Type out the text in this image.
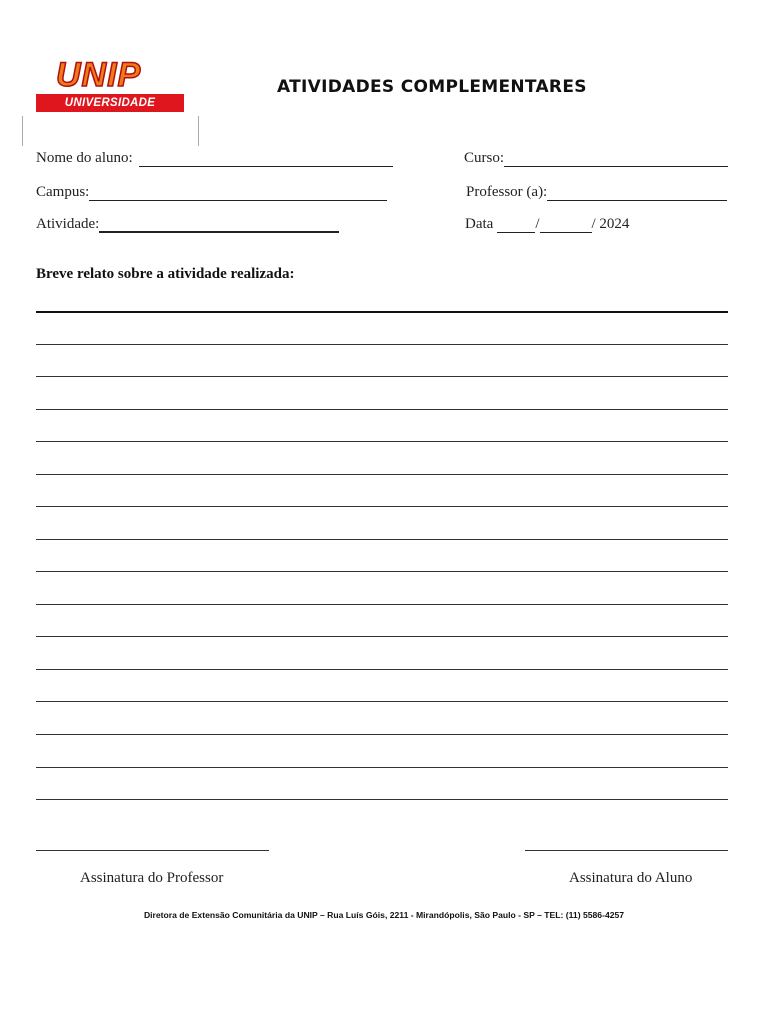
UNIP
UNIVERSIDADE PAULISTA
ATIVIDADES COMPLEMENTARES
Nome do aluno:	Curso:
Campus:	Professor (a):
Atividade:	Data	/	/ 2024
Breve relato sobre a atividade realizada:
Assinatura do Professor	Assinatura do Aluno
Diretora de Extensão Comunitária da UNIP – Rua Luís Góis, 2211 - Mirandópolis, São Paulo - SP – TEL: (11) 5586-4257
